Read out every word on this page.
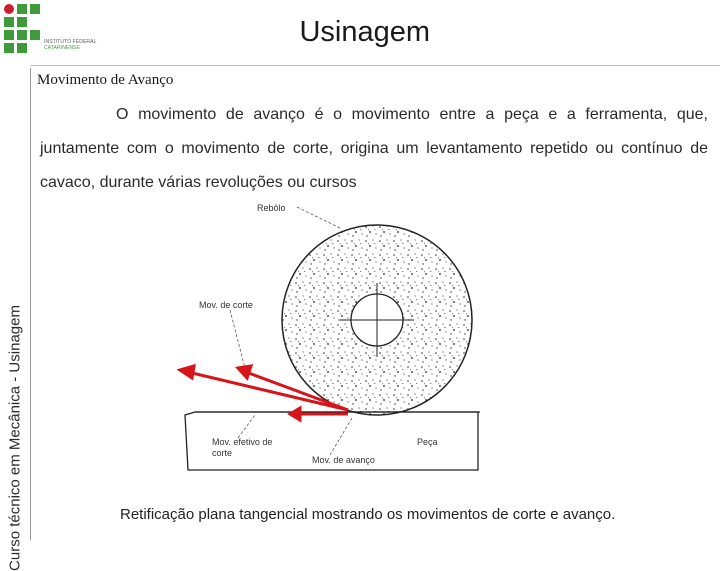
INSTITUTO FEDERAL
CATARINENSE	Usinagem
Curso técnico em Mecânica - Usinagem
Movimento de Avanço
O movimento de avanço é o movimento entre a peça e a ferramenta, que, juntamente com o movimento de corte, origina um levantamento repetido ou contínuo de cavaco, durante várias revoluções ou cursos
Rebôlo
Mov. de corte
Mov. efetivo de corte
Peça
Mov. de avanço
Retificação plana tangencial mostrando os movimentos de corte e avanço.
